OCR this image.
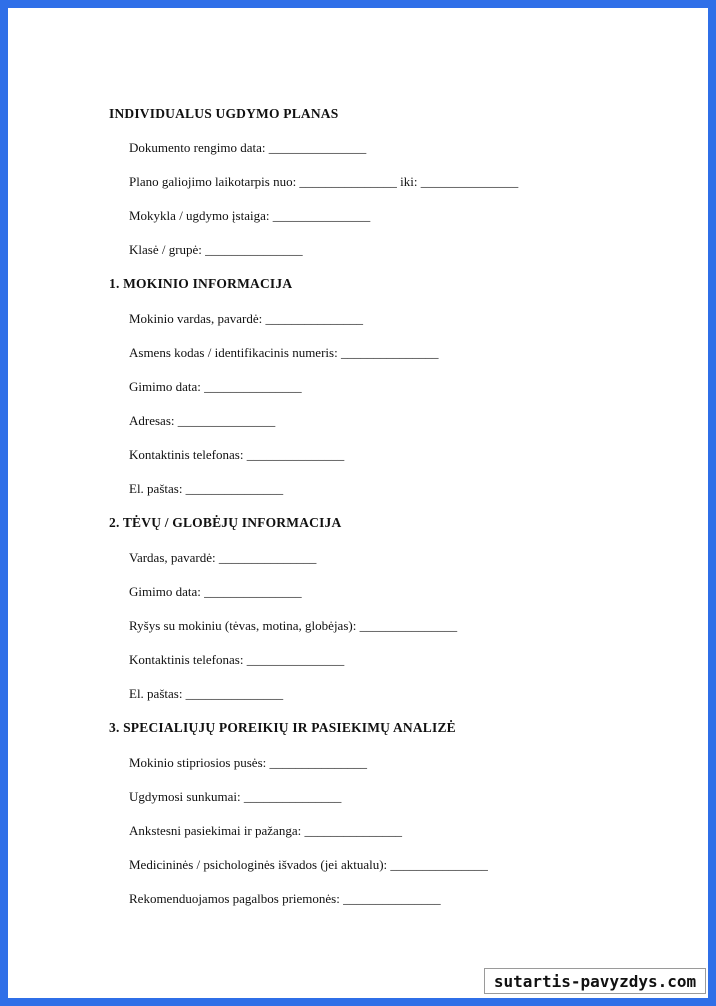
INDIVIDUALUS UGDYMO PLANAS
Dokumento rengimo data: _______________
Plano galiojimo laikotarpis nuo: _______________ iki: _______________
Mokykla / ugdymo įstaiga: _______________
Klasė / grupė: _______________
1. MOKINIO INFORMACIJA
Mokinio vardas, pavardė: _______________
Asmens kodas / identifikacinis numeris: _______________
Gimimo data: _______________
Adresas: _______________
Kontaktinis telefonas: _______________
El. paštas: _______________
2. TĖVŲ / GLOBĖJŲ INFORMACIJA
Vardas, pavardė: _______________
Gimimo data: _______________
Ryšys su mokiniu (tėvas, motina, globėjas): _______________
Kontaktinis telefonas: _______________
El. paštas: _______________
3. SPECIALIŲJŲ POREIKIŲ IR PASIEKIMŲ ANALIZĖ
Mokinio stipriosios pusės: _______________
Ugdymosi sunkumai: _______________
Ankstesni pasiekimai ir pažanga: _______________
Medicininės / psichologinės išvados (jei aktualu): _______________
Rekomenduojamos pagalbos priemonės: _______________
sutartis-pavyzdys.com
